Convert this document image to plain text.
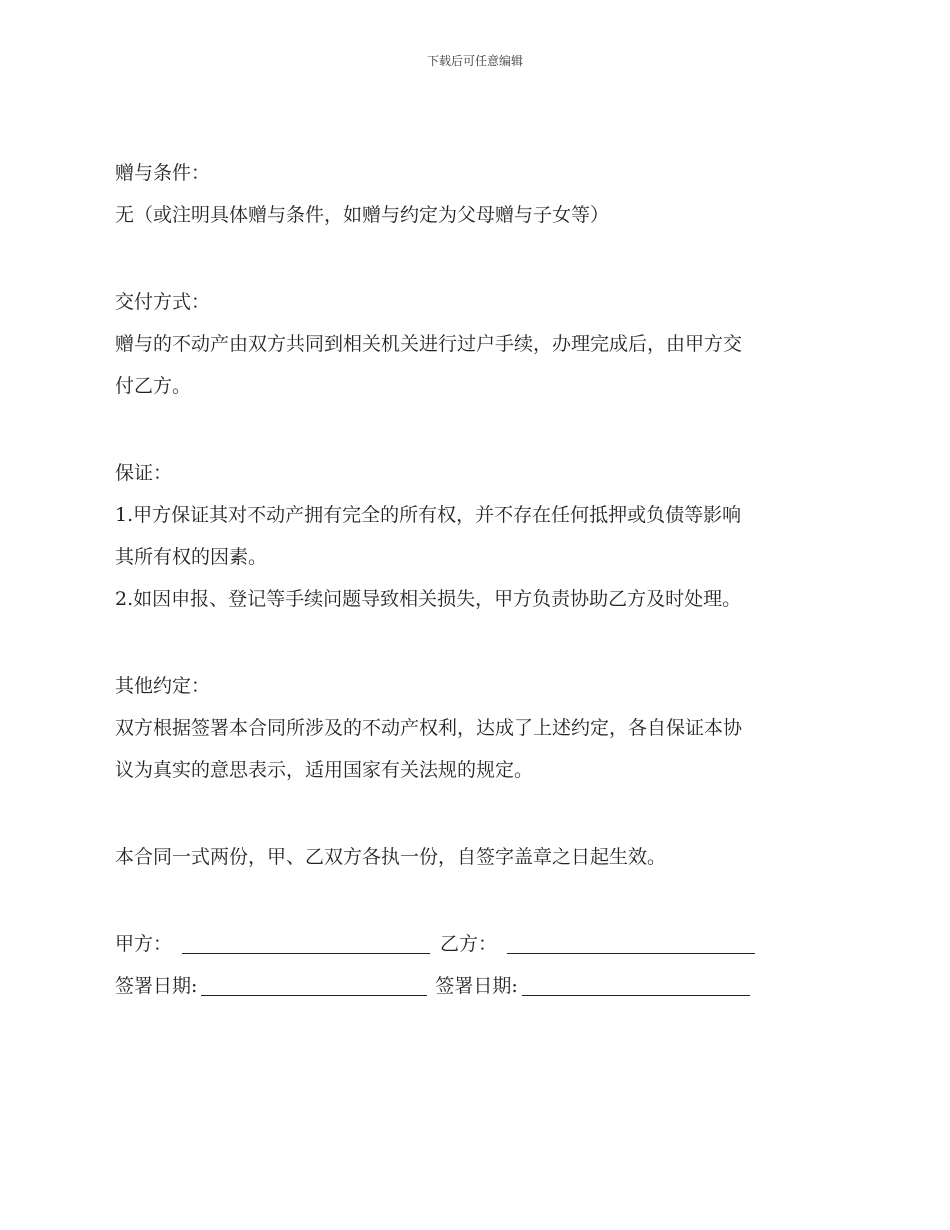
下载后可任意编辑

赠与条件：

无（或注明具体赠与条件，如赠与约定为父母赠与子女等）

交付方式：

赠与的不动产由双方共同到相关机关进行过户手续，办理完成后，由甲方交

付乙方。

保证：

1.甲方保证其对不动产拥有完全的所有权，并不存在任何抵押或负债等影响

其所有权的因素。

2.如因申报、登记等手续问题导致相关损失，甲方负责协助乙方及时处理。

其他约定：

双方根据签署本合同所涉及的不动产权利，达成了上述约定，各自保证本协

议为真实的意思表示，适用国家有关法规的规定。

本合同一式两份，甲、乙双方各执一份，自签字盖章之日起生效。

甲方：	乙方：
签署日期:	签署日期:
